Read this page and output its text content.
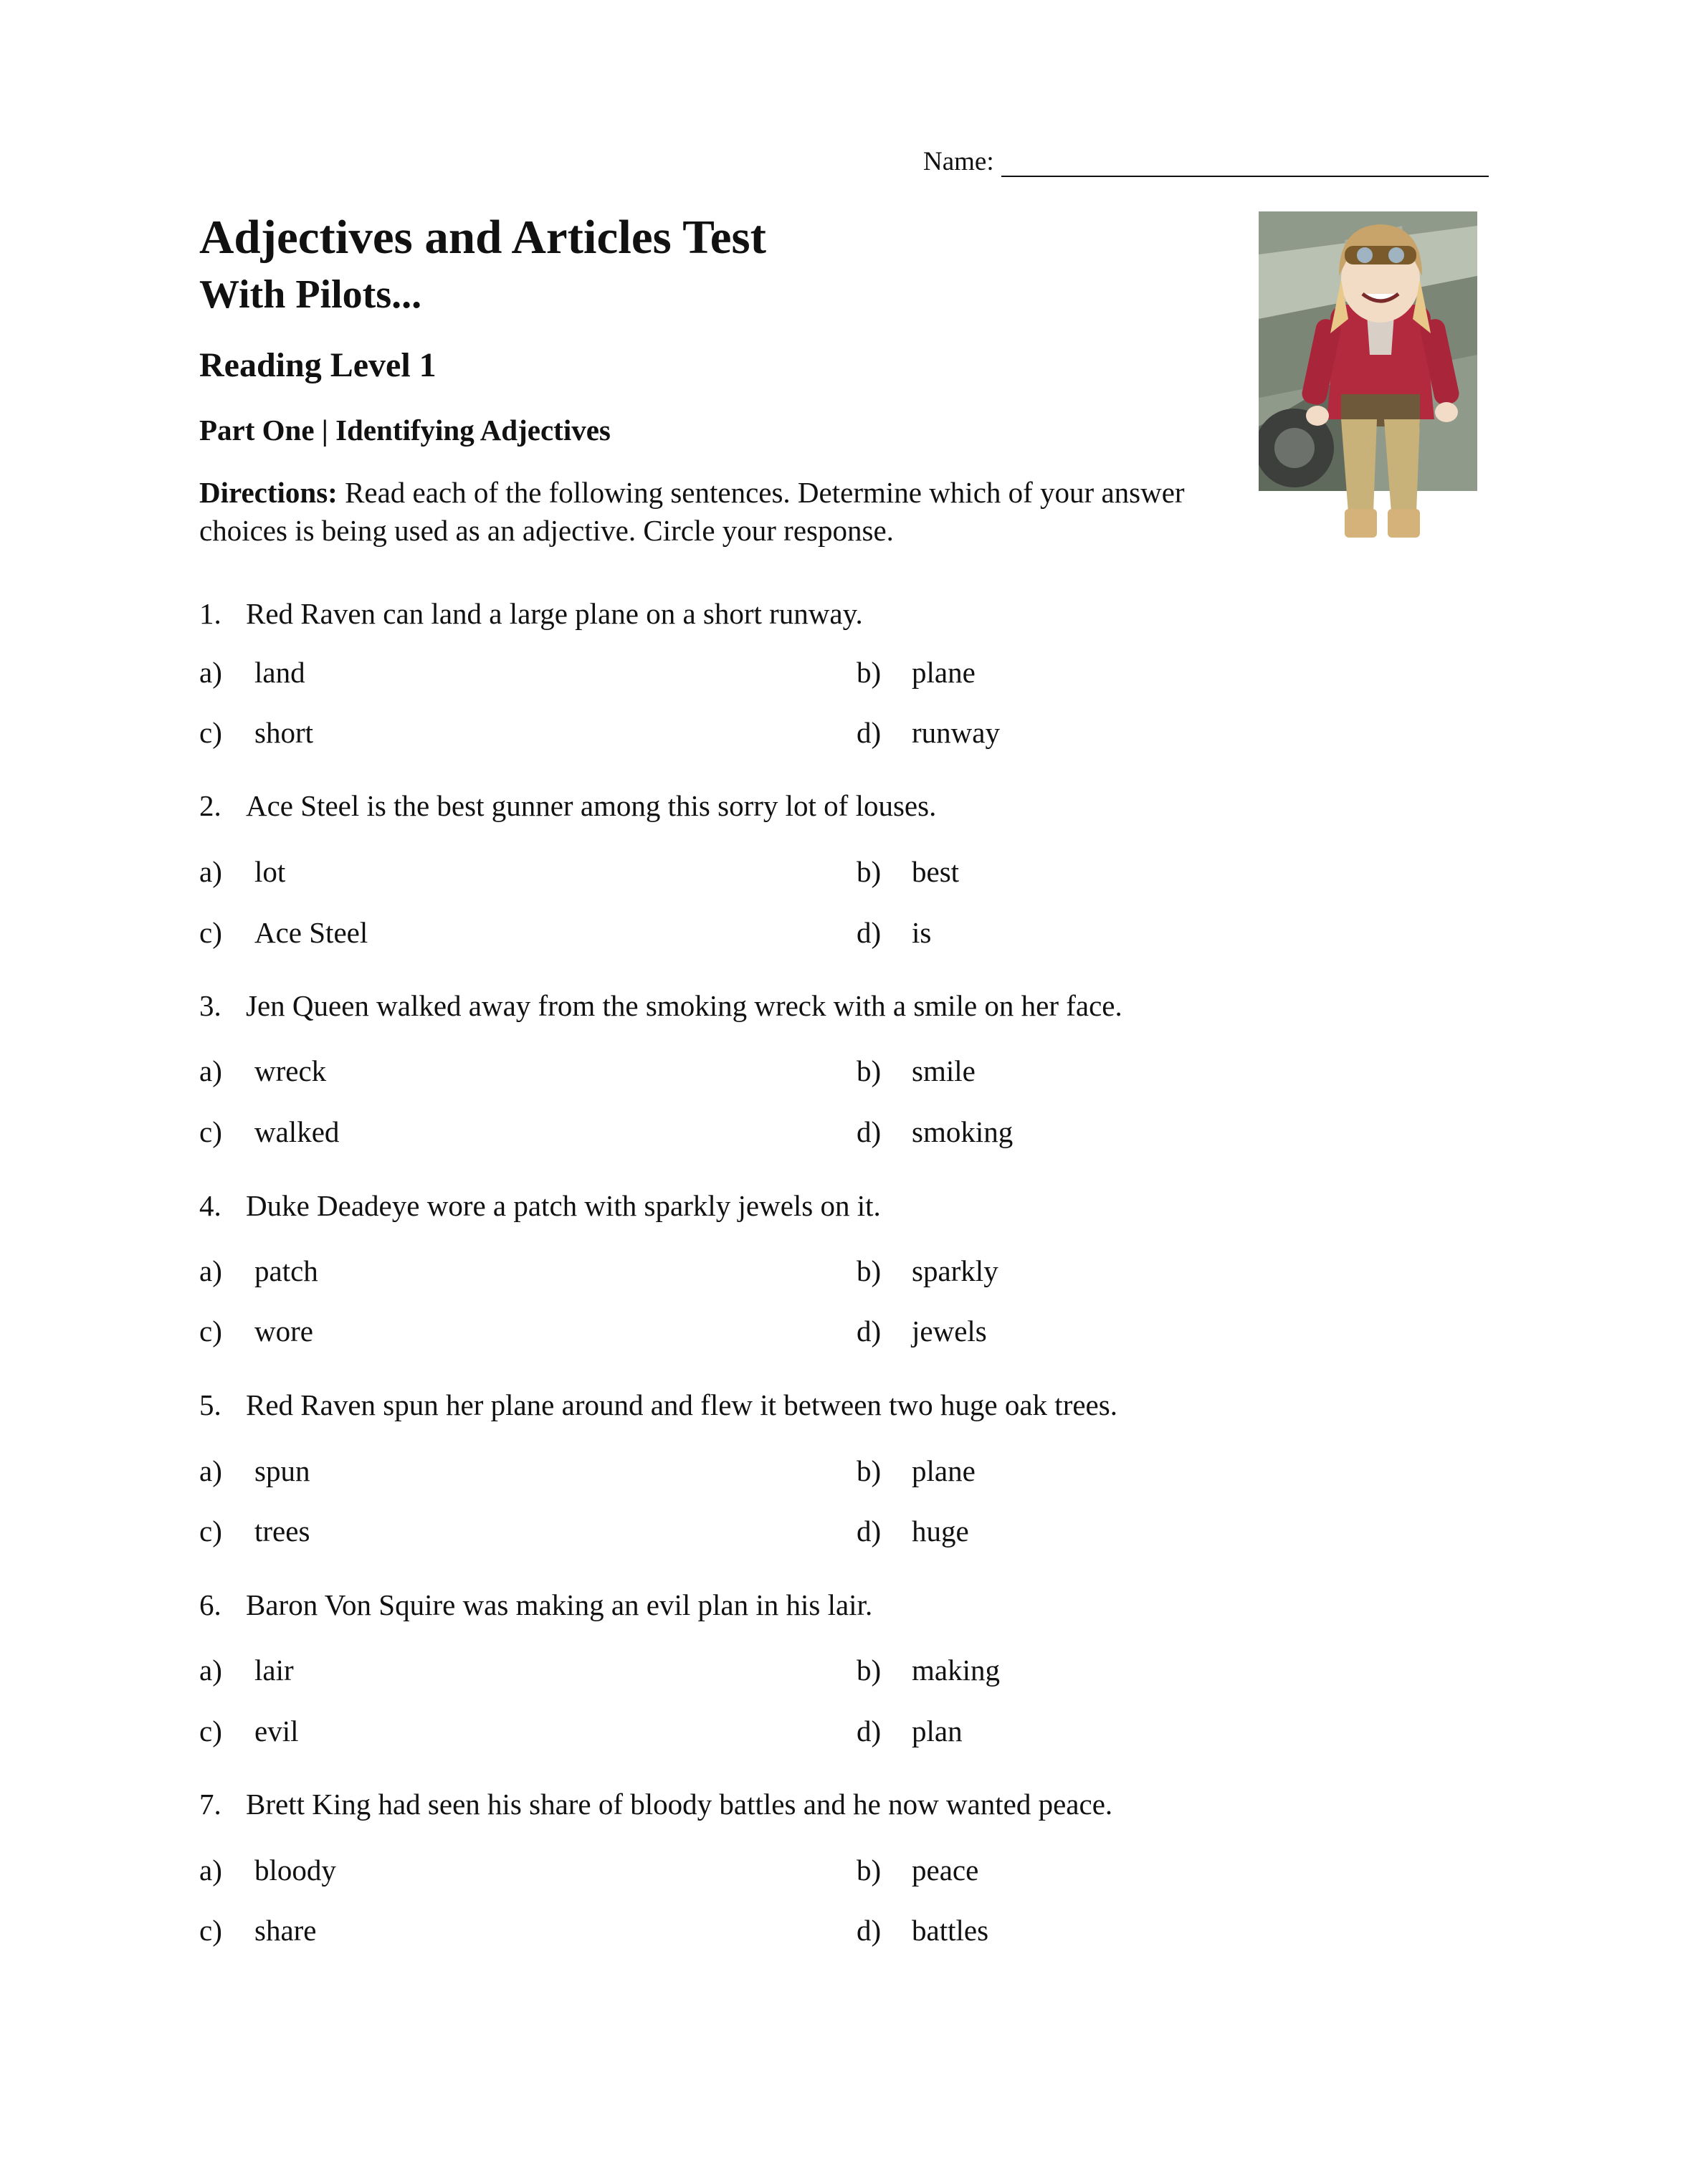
Name:
Adjectives and Articles Test
With Pilots...
Reading Level 1
Part One | Identifying Adjectives

Directions: Read each of the following sentences. Determine which of your answer choices is being used as an adjective. Circle your response.

1. Red Raven can land a large plane on a short runway.
a)	land	b)	plane
c)	short	d)	runway
2. Ace Steel is the best gunner among this sorry lot of louses.
a)	lot	b)	best
c)	Ace Steel	d)	is
3. Jen Queen walked away from the smoking wreck with a smile on her face.
a)	wreck	b)	smile
c)	walked	d)	smoking
4. Duke Deadeye wore a patch with sparkly jewels on it.
a)	patch	b)	sparkly
c)	wore	d)	jewels
5. Red Raven spun her plane around and flew it between two huge oak trees.
a)	spun	b)	plane
c)	trees	d)	huge
6. Baron Von Squire was making an evil plan in his lair.
a)	lair	b)	making
c)	evil	d)	plan
7. Brett King had seen his share of bloody battles and he now wanted peace.
a)	bloody	b)	peace
c)	share	d)	battles
